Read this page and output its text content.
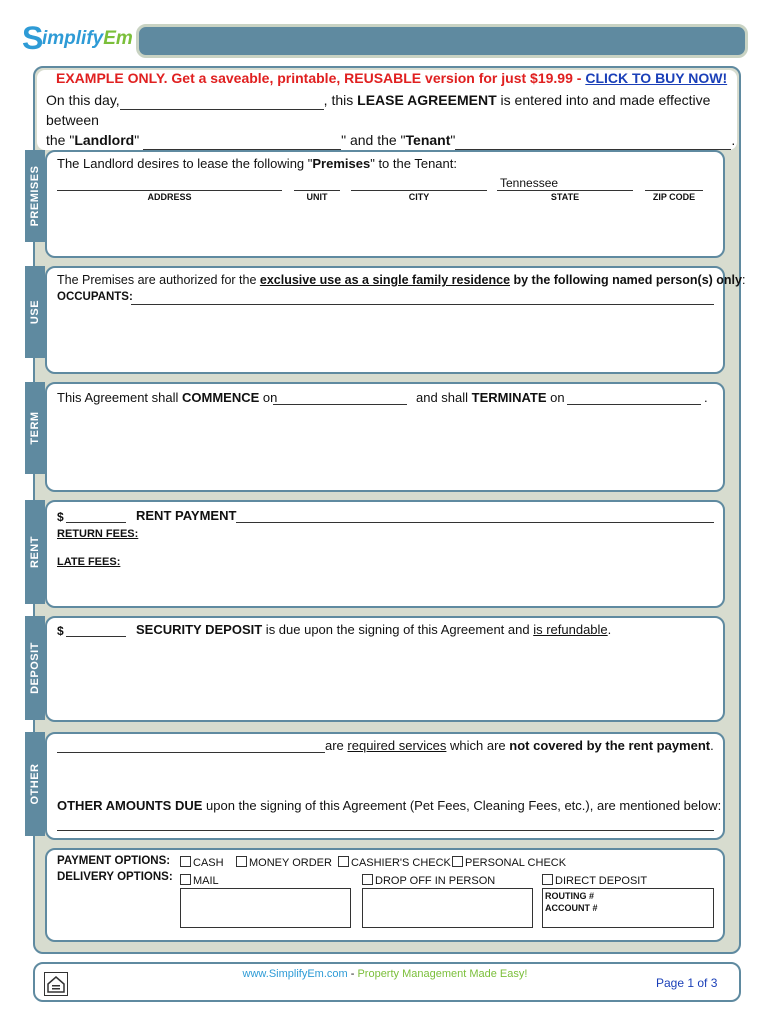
S
implifyEm
EXAMPLE ONLY. Get a saveable, printable, REUSABLE version for just $19.99 - CLICK TO BUY NOW!
On this day,	, this LEASE AGREEMENT is entered into and made effective between
the "Landlord"	" and the "Tenant"	.
PREMISES
The Landlord desires to lease the following "Premises" to the Tenant:
Tennessee
ADDRESS	UNIT	CITY	STATE	ZIP CODE
USE
The Premises are authorized for the exclusive use as a single family residence by the following named person(s) only:
OCCUPANTS:
TERM
This Agreement shall COMMENCE on	and shall TERMINATE on	.
RENT
$	RENT PAYMENT
RETURN FEES:
LATE FEES:
DEPOSIT
$	SECURITY DEPOSIT is due upon the signing of this Agreement and is refundable.
OTHER
are required services which are not covered by the rent payment.
OTHER AMOUNTS DUE upon the signing of this Agreement (Pet Fees, Cleaning Fees, etc.), are mentioned below:
PAYMENT OPTIONS:
DELIVERY OPTIONS:
CASH	MONEY ORDER	CASHIER'S CHECK	PERSONAL CHECK
MAIL	DROP OFF IN PERSON	DIRECT DEPOSIT
ROUTING #
ACCOUNT #
www.SimplifyEm.com - Property Management Made Easy!
Page 1 of 3
